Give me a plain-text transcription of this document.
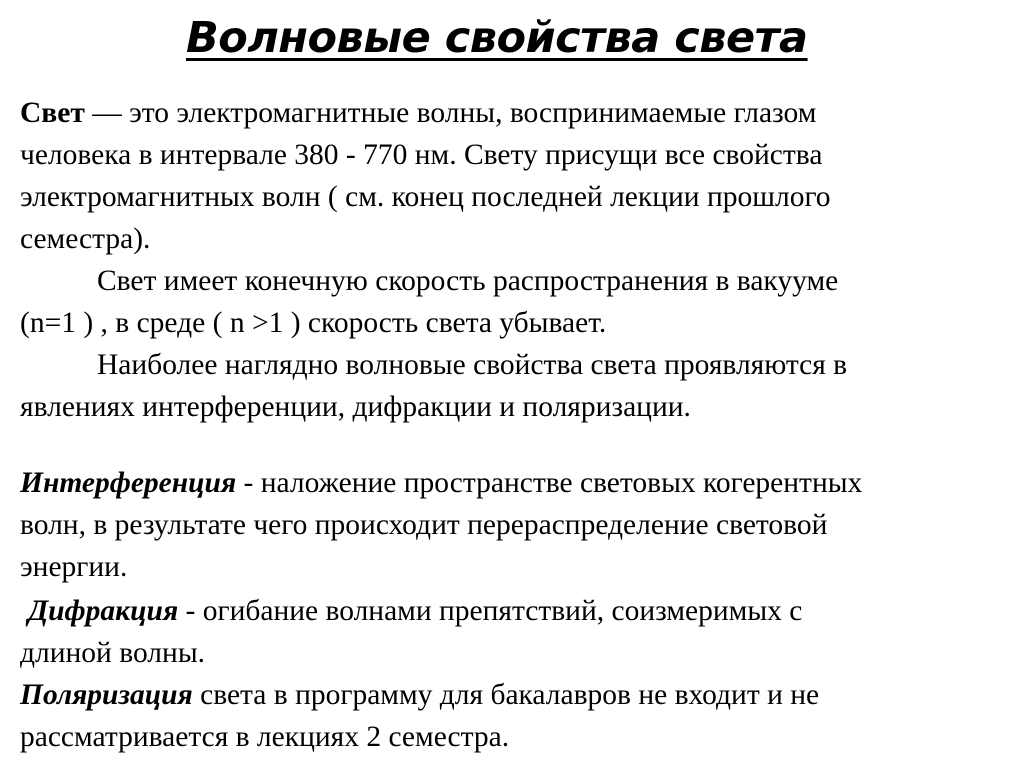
Волновые свойства света
Свет — это электромагнитные волны, воспринимаемые глазом
человека в интервале 380 - 770 нм. Свету присущи все свойства
электромагнитных волн ( см. конец последней лекции прошлого
семестра).
Свет имеет конечную скорость распространения в вакууме
(n=1 ) , в среде ( n >1 ) скорость света убывает.
Наиболее наглядно волновые свойства света проявляются в
явлениях интерференции, дифракции и поляризации.
Интерференция - наложение пространстве световых когерентных
волн, в результате чего происходит перераспределение световой
энергии.
Дифракция - огибание волнами препятствий, соизмеримых с
длиной волны.
Поляризация света в программу для бакалавров не входит и не
рассматривается в лекциях 2 семестра.
